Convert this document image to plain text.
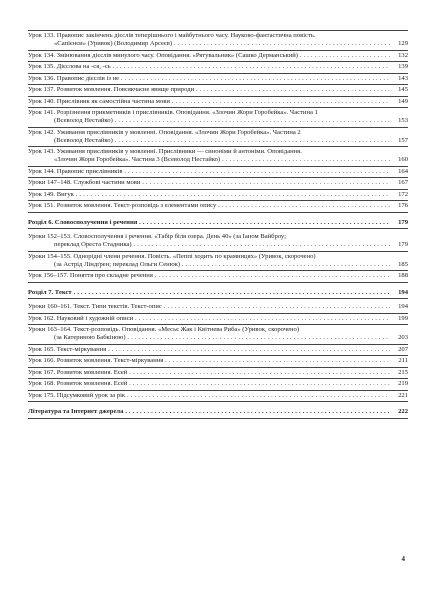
Урок 133. Правопис закінчень дієслів теперішнього і майбутнього часу. Науково-фантастична повість.
«Сапієнси» (Уривок) (Володимир Арсеєв) . . .	129
Урок 134. Змінювання дієслів минулого часу. Оповідання. «Рятувальник» (Сашко Дерманський) . . .	132
Урок 135. Дієслова на -ся, -сь . . .	139
Урок 136. Правопис дієслів із не . . .	143
Урок 137. Розвиток мовлення. Повсякчасне явище природи . . .	145
Урок 140. Прислівник як самостійна частина мови . . .	149
Урок 141. Розрізнення прикметників і прислівників. Оповідання. «Злочин Жори Горобейка». Частина 1
(Всеволод Нестайко) . . .	153
Урок 142. Уживання прислівників у мовленні. Оповідання. «Злочин Жори Горобейка». Частина 2
(Всеволод Нестайко) . . .	157
Урок 143. Уживання прислівників у мовленні. Прислівники — синоніми й антоніми. Оповідання.
«Злочин Жори Горобейка». Частина 3 (Всеволод Нестайко) . . .	160
Урок 144. Правопис прислівників . . .	164
Уроки 147–148. Службові частини мови . . .	167
Урок 149. Вигук . . .	172
Урок 151. Розвиток мовлення. Текст-розповідь з елементами опису . . .	176
Розділ 6. Словосполучення і речення . . .	179
Уроки 152–153. Словосполучення і речення. «Табір біля озера. День 40» (за Іаном Вайброу;
переклад Ореста Стадника) . . .	179
Уроки 154–155. Однорідні члени речення. Повість. «Пеппі ходить по крамницях» (Уривок, скорочено)
(за Астрід Ліндґрен; переклад Ольги Сенюк) . . .	185
Урок 156–157. Поняття про складне речення . . .	188
Розділ 7. Текст . . .	194
Уроки 160–161. Текст. Типи текстів. Текст-опис . . .	194
Урок 162. Науковий і художній описи . . .	199
Уроки 163–164. Текст-розповідь. Оповідання. «Месьє Жак і Квітнева Риба» (Уривок, скорочено)
(за Катериною Бабкіною) . . .	203
Урок 165. Текст-міркування . . .	207
Урок 166. Розвиток мовлення. Текст-міркування . . .	211
Урок 167. Розвиток мовлення. Есей . . .	215
Урок 168. Розвиток мовлення. Есей . . .	219
Урок 175. Підсумковий урок за рік . . .	221
Література та Інтернет джерела . . .	222
4
